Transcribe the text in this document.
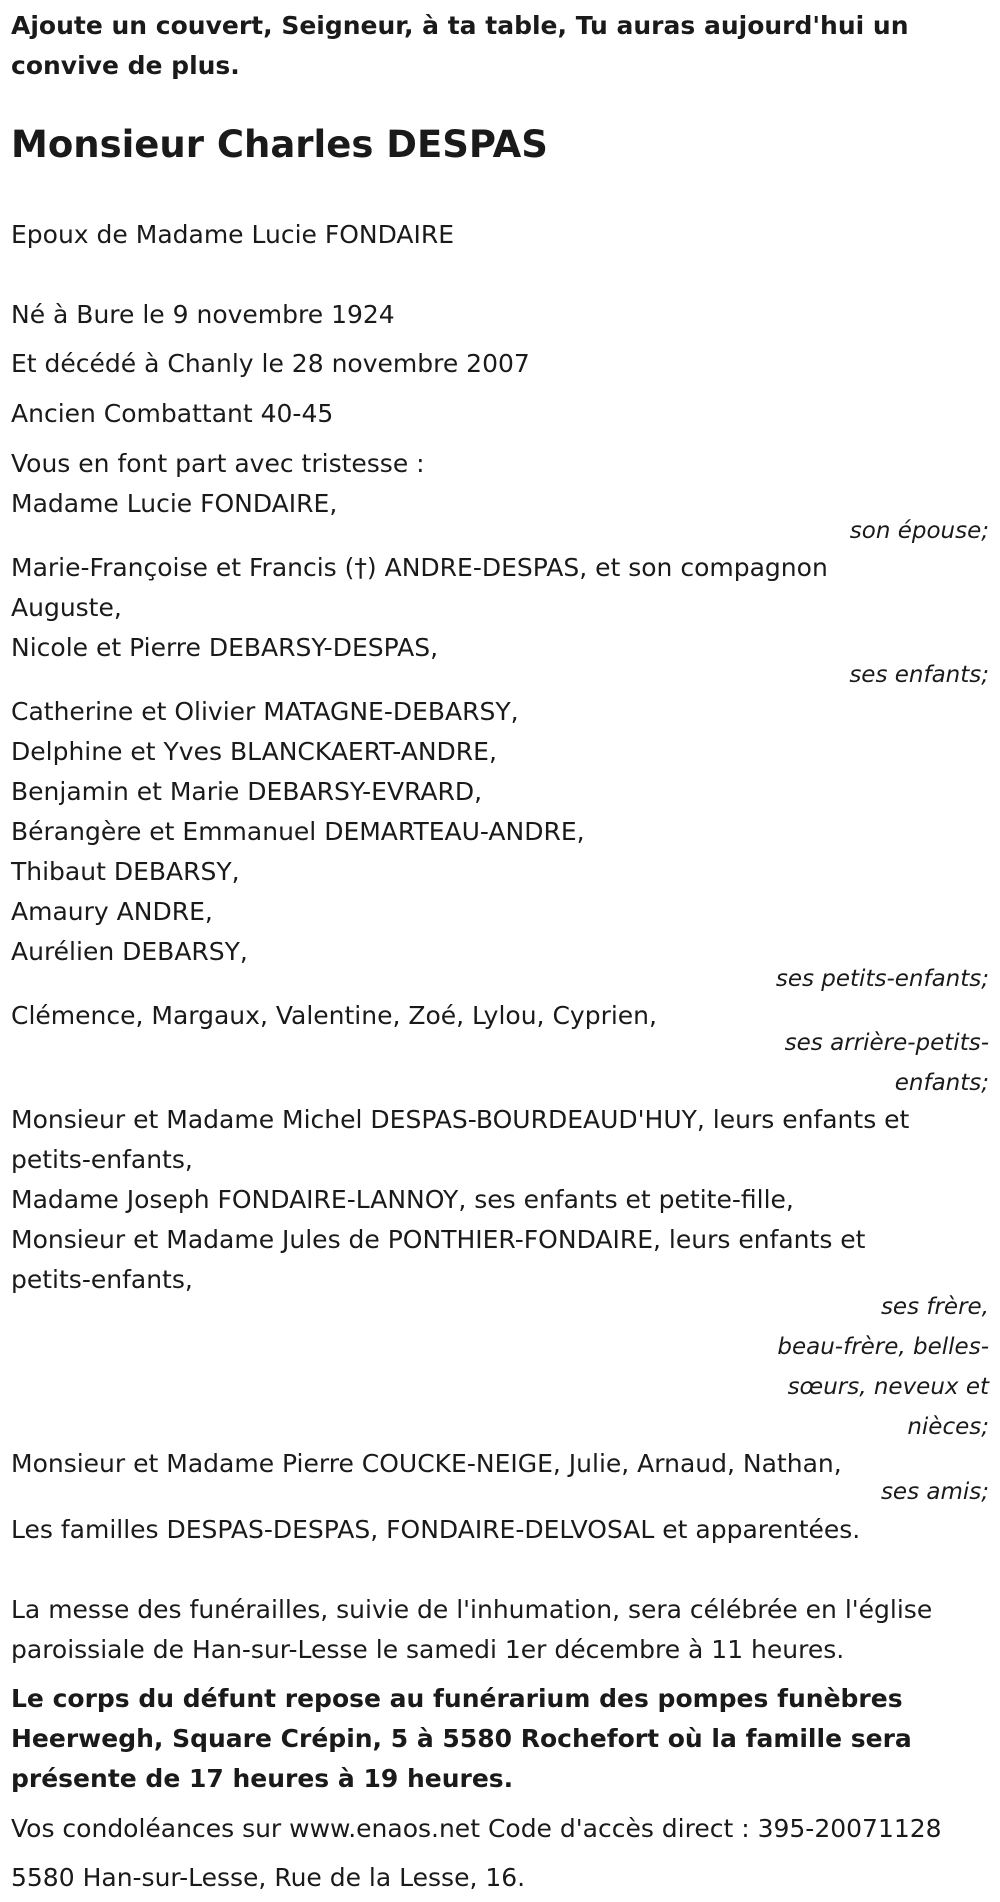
Ajoute un couvert, Seigneur, à ta table, Tu auras aujourd'hui un
convive de plus.
Monsieur Charles DESPAS
Epoux de Madame Lucie FONDAIRE
Né à Bure le 9 novembre 1924
Et décédé à Chanly le 28 novembre 2007
Ancien Combattant 40-45
Vous en font part avec tristesse :
Madame Lucie FONDAIRE,
son épouse;
Marie-Françoise et Francis (†) ANDRE-DESPAS, et son compagnon
Auguste,
Nicole et Pierre DEBARSY-DESPAS,
ses enfants;
Catherine et Olivier MATAGNE-DEBARSY,
Delphine et Yves BLANCKAERT-ANDRE,
Benjamin et Marie DEBARSY-EVRARD,
Bérangère et Emmanuel DEMARTEAU-ANDRE,
Thibaut DEBARSY,
Amaury ANDRE,
Aurélien DEBARSY,
ses petits-enfants;
Clémence, Margaux, Valentine, Zoé, Lylou, Cyprien,
ses arrière-petits-
enfants;
Monsieur et Madame Michel DESPAS-BOURDEAUD'HUY, leurs enfants et
petits-enfants,
Madame Joseph FONDAIRE-LANNOY, ses enfants et petite-fille,
Monsieur et Madame Jules de PONTHIER-FONDAIRE, leurs enfants et
petits-enfants,
ses frère,
beau-frère, belles-
sœurs, neveux et
nièces;
Monsieur et Madame Pierre COUCKE-NEIGE, Julie, Arnaud, Nathan,
ses amis;
Les familles DESPAS-DESPAS, FONDAIRE-DELVOSAL et apparentées.
La messe des funérailles, suivie de l'inhumation, sera célébrée en l'église
paroissiale de Han-sur-Lesse le samedi 1er décembre à 11 heures.
Le corps du défunt repose au funérarium des pompes funèbres
Heerwegh, Square Crépin, 5 à 5580 Rochefort où la famille sera
présente de 17 heures à 19 heures.
Vos condoléances sur www.enaos.net Code d'accès direct : 395-20071128
5580 Han-sur-Lesse, Rue de la Lesse, 16.
